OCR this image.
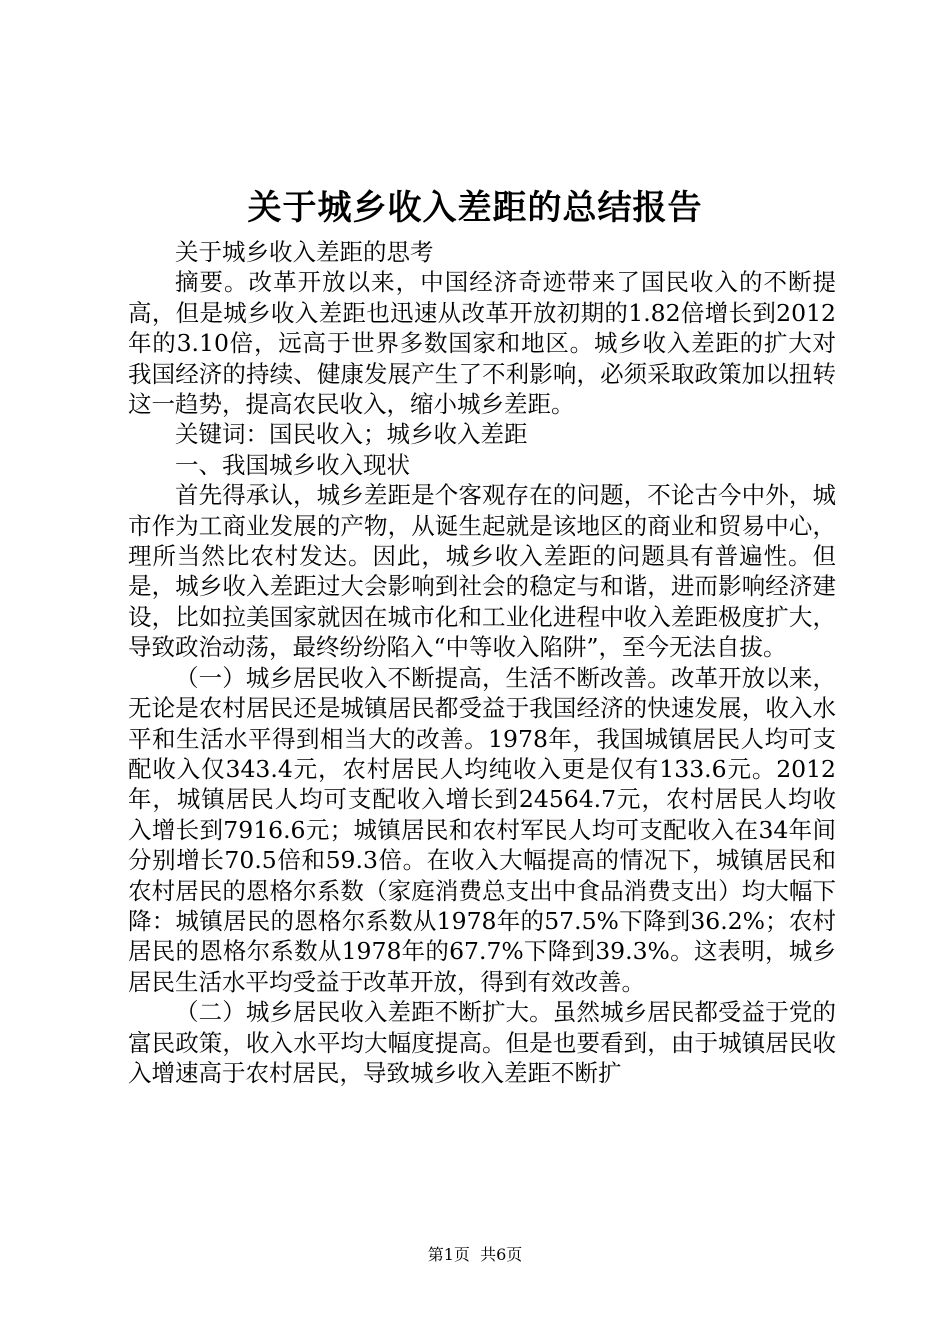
关于城乡收入差距的总结报告

关于城乡收入差距的思考

摘要。改革开放以来，中国经济奇迹带来了国民收入的不断提高，但是城乡收入差距也迅速从改革开放初期的1.82倍增长到2012年的3.10倍，远高于世界多数国家和地区。城乡收入差距的扩大对我国经济的持续、健康发展产生了不利影响，必须采取政策加以扭转这一趋势，提高农民收入，缩小城乡差距。

关键词：国民收入；城乡收入差距

一、我国城乡收入现状

首先得承认，城乡差距是个客观存在的问题，不论古今中外，城市作为工商业发展的产物，从诞生起就是该地区的商业和贸易中心，理所当然比农村发达。因此，城乡收入差距的问题具有普遍性。但是，城乡收入差距过大会影响到社会的稳定与和谐，进而影响经济建设，比如拉美国家就因在城市化和工业化进程中收入差距极度扩大，导致政治动荡，最终纷纷陷入“中等收入陷阱”，至今无法自拔。

（一）城乡居民收入不断提高，生活不断改善。改革开放以来，无论是农村居民还是城镇居民都受益于我国经济的快速发展，收入水平和生活水平得到相当大的改善。1978年，我国城镇居民人均可支配收入仅343.4元，农村居民人均纯收入更是仅有133.6元。2012年，城镇居民人均可支配收入增长到24564.7元，农村居民人均收入增长到7916.6元；城镇居民和农村军民人均可支配收入在34年间分别增长70.5倍和59.3倍。在收入大幅提高的情况下，城镇居民和农村居民的恩格尔系数（家庭消费总支出中食品消费支出）均大幅下降：城镇居民的恩格尔系数从1978年的57.5%下降到36.2%；农村居民的恩格尔系数从1978年的67.7%下降到39.3%。这表明，城乡居民生活水平均受益于改革开放，得到有效改善。

（二）城乡居民收入差距不断扩大。虽然城乡居民都受益于党的富民政策，收入水平均大幅度提高。但是也要看到，由于城镇居民收入增速高于农村居民，导致城乡收入差距不断扩

第1页 共6页
